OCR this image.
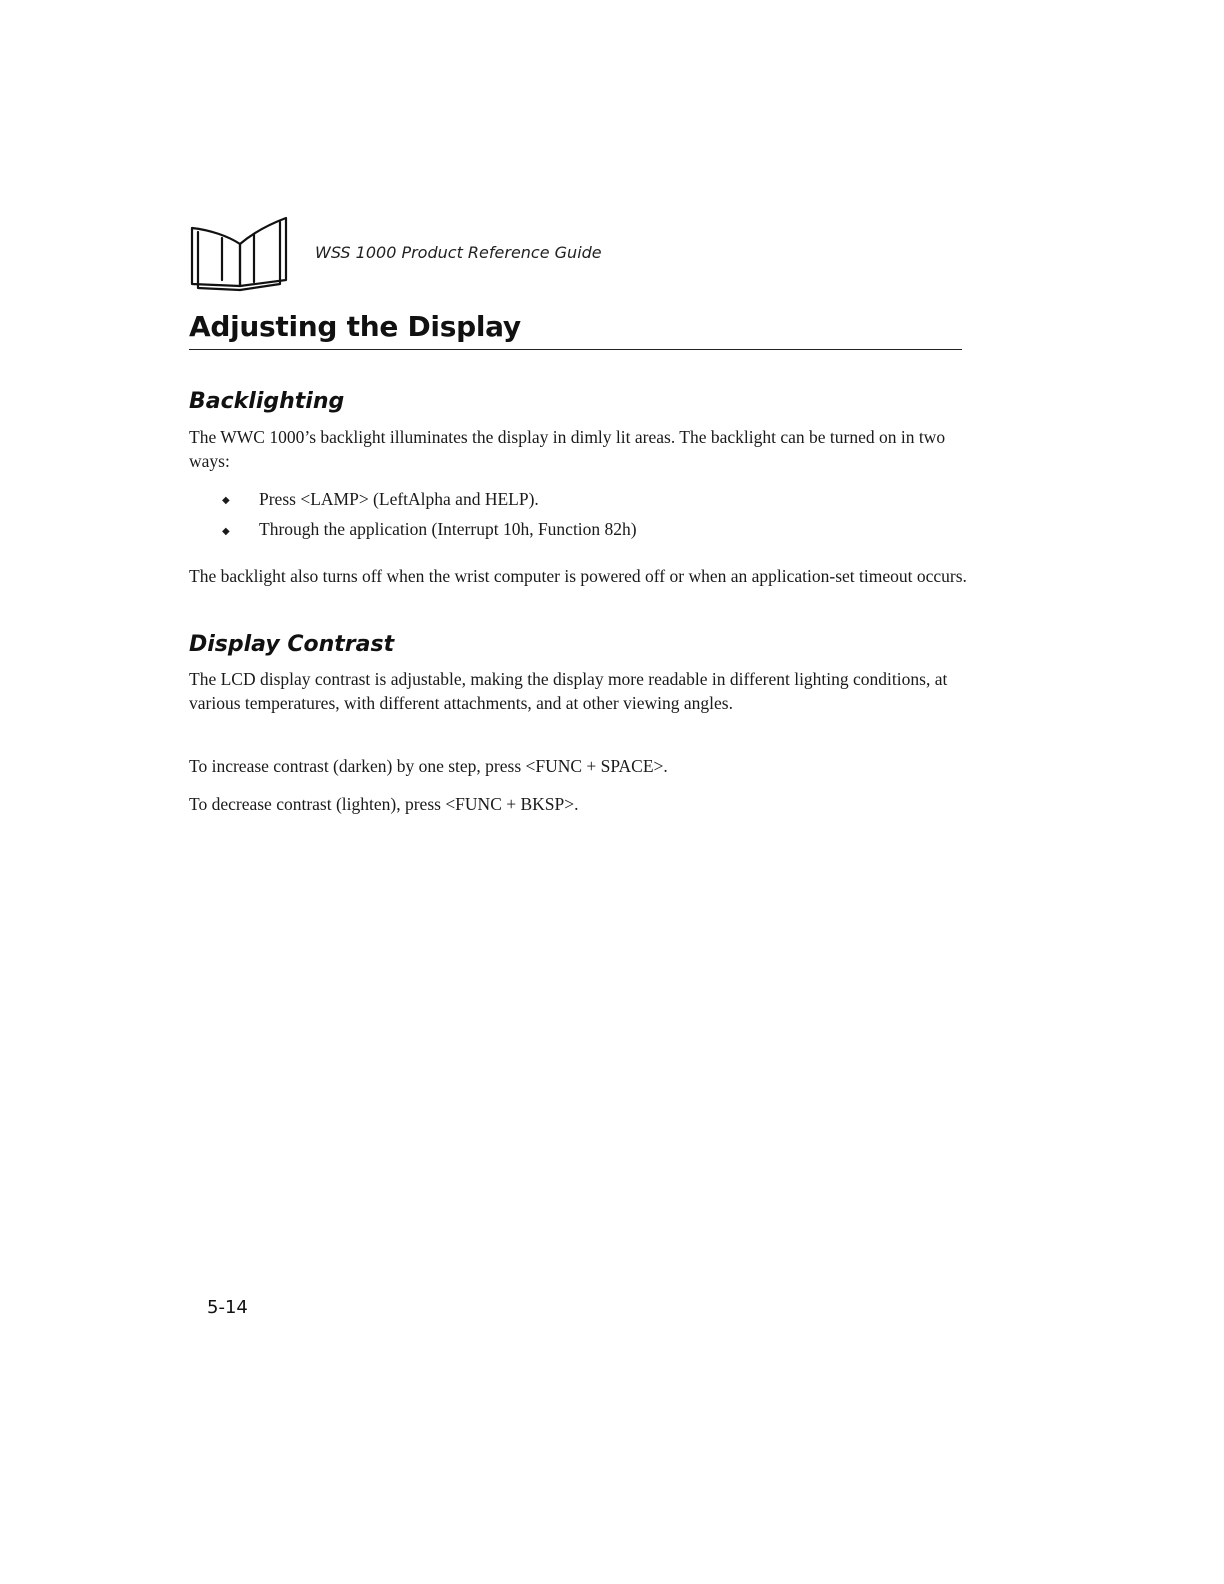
WSS 1000 Product Reference Guide
Adjusting the Display
Backlighting

The WWC 1000’s backlight illuminates the display in dimly lit areas. The backlight can be turned on in two ways:

◆ Press <LAMP> (LeftAlpha and HELP).
◆ Through the application (Interrupt 10h, Function 82h)

The backlight also turns off when the wrist computer is powered off or when an application-set timeout occurs.

Display Contrast

The LCD display contrast is adjustable, making the display more readable in different lighting conditions, at various temperatures, with different attachments, and at other viewing angles.

To increase contrast (darken) by one step, press <FUNC + SPACE>.

To decrease contrast (lighten), press <FUNC + BKSP>.

5-14
